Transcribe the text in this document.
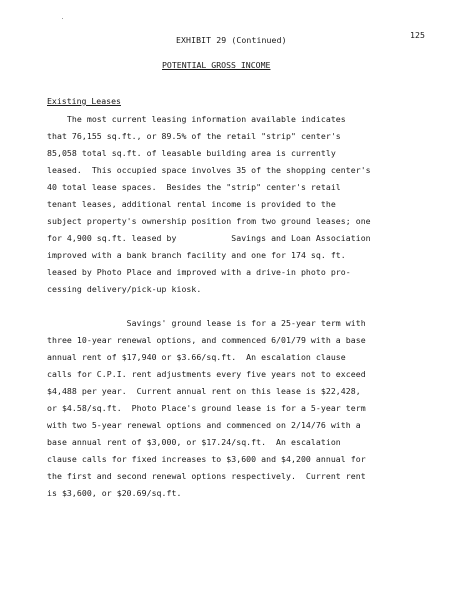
EXHIBIT 29 (Continued)	125
POTENTIAL GROSS INCOME
Existing Leases
The most current leasing information available indicates
that 76,155 sq.ft., or 89.5% of the retail "strip" center's
85,058 total sq.ft. of leasable building area is currently
leased.  This occupied space involves 35 of the shopping center's
40 total lease spaces.  Besides the "strip" center's retail
tenant leases, additional rental income is provided to the
subject property's ownership position from two ground leases; one
for 4,900 sq.ft. leased by           Savings and Loan Association
improved with a bank branch facility and one for 174 sq. ft.
leased by Photo Place and improved with a drive-in photo pro-
cessing delivery/pick-up kiosk.
Savings' ground lease is for a 25-year term with
three 10-year renewal options, and commenced 6/01/79 with a base
annual rent of $17,940 or $3.66/sq.ft.  An escalation clause
calls for C.P.I. rent adjustments every five years not to exceed
$4,488 per year.  Current annual rent on this lease is $22,428,
or $4.58/sq.ft.  Photo Place's ground lease is for a 5-year term
with two 5-year renewal options and commenced on 2/14/76 with a
base annual rent of $3,000, or $17.24/sq.ft.  An escalation
clause calls for fixed increases to $3,600 and $4,200 annual for
the first and second renewal options respectively.  Current rent
is $3,600, or $20.69/sq.ft.
